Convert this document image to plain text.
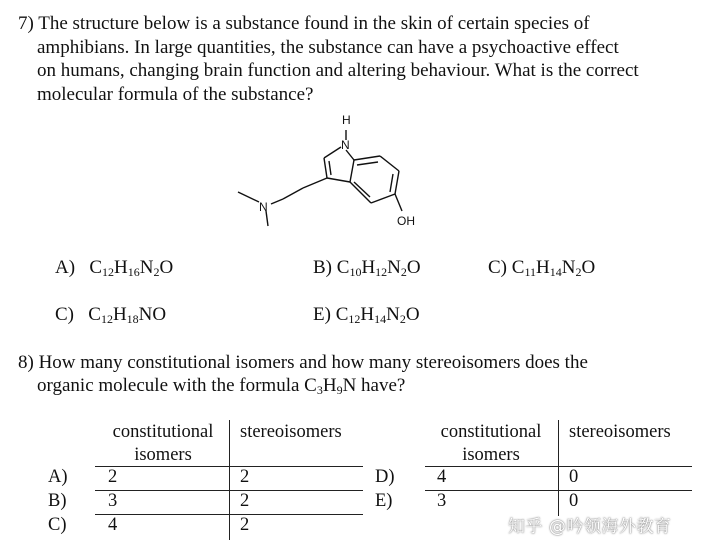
7) The structure below is a substance found in the skin of certain species of
amphibians. In large quantities, the substance can have a psychoactive effect
on humans, changing brain function and altering behaviour. What is the correct
molecular formula of the substance?
H
N
N
OH
A) $C_{12}H_{16}N_2O$	B) $C_{10}H_{12}N_2O$	C) $C_{11}H_{14}N_2O$
C) $C_{12}H_{18}NO$	E) $C_{12}H_{14}N_2O$
8) How many constitutional isomers and how many stereoisomers does the
organic molecule with the formula $C_3H_9N$ have?
constitutional
isomers
stereoisomers
A) 2	2
B) 3	2
C) 4	2
constitutional
isomers
stereoisomers
D) 4	0
E) 3	0
知乎 @吟领海外教育
